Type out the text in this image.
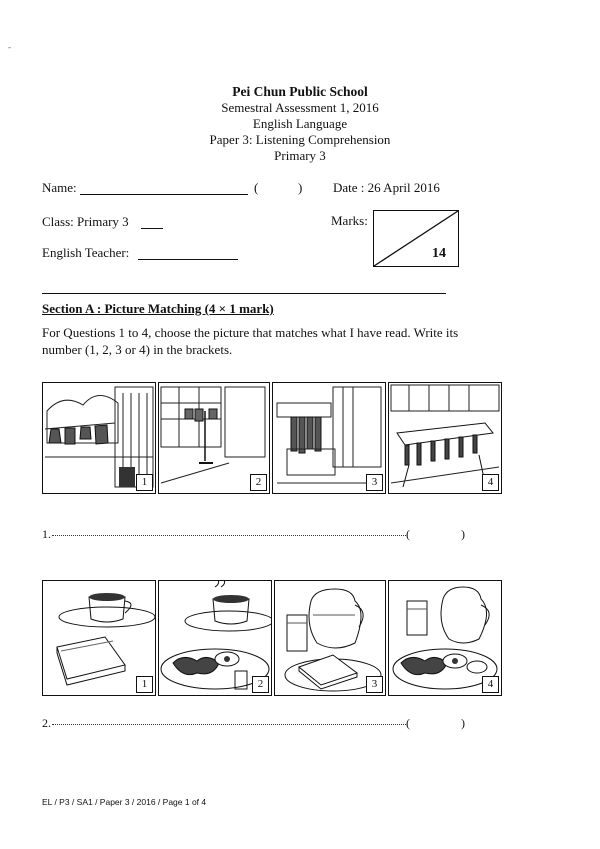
-
Pei Chun Public School
Semestral Assessment 1, 2016
English Language
Paper 3: Listening Comprehension
Primary 3
Name:	(	) Date : 26 April 2016
Class: Primary 3	Marks:
14
English Teacher:
Section A : Picture Matching (4 × 1 mark)
For Questions 1 to 4, choose the picture that matches what I have read. Write its number (1, 2, 3 or 4) in the brackets.
1	2	3	4
1.	(	)
1	2	3	4
2.	(	)
EL / P3 / SA1 / Paper 3 / 2016 / Page 1 of 4
